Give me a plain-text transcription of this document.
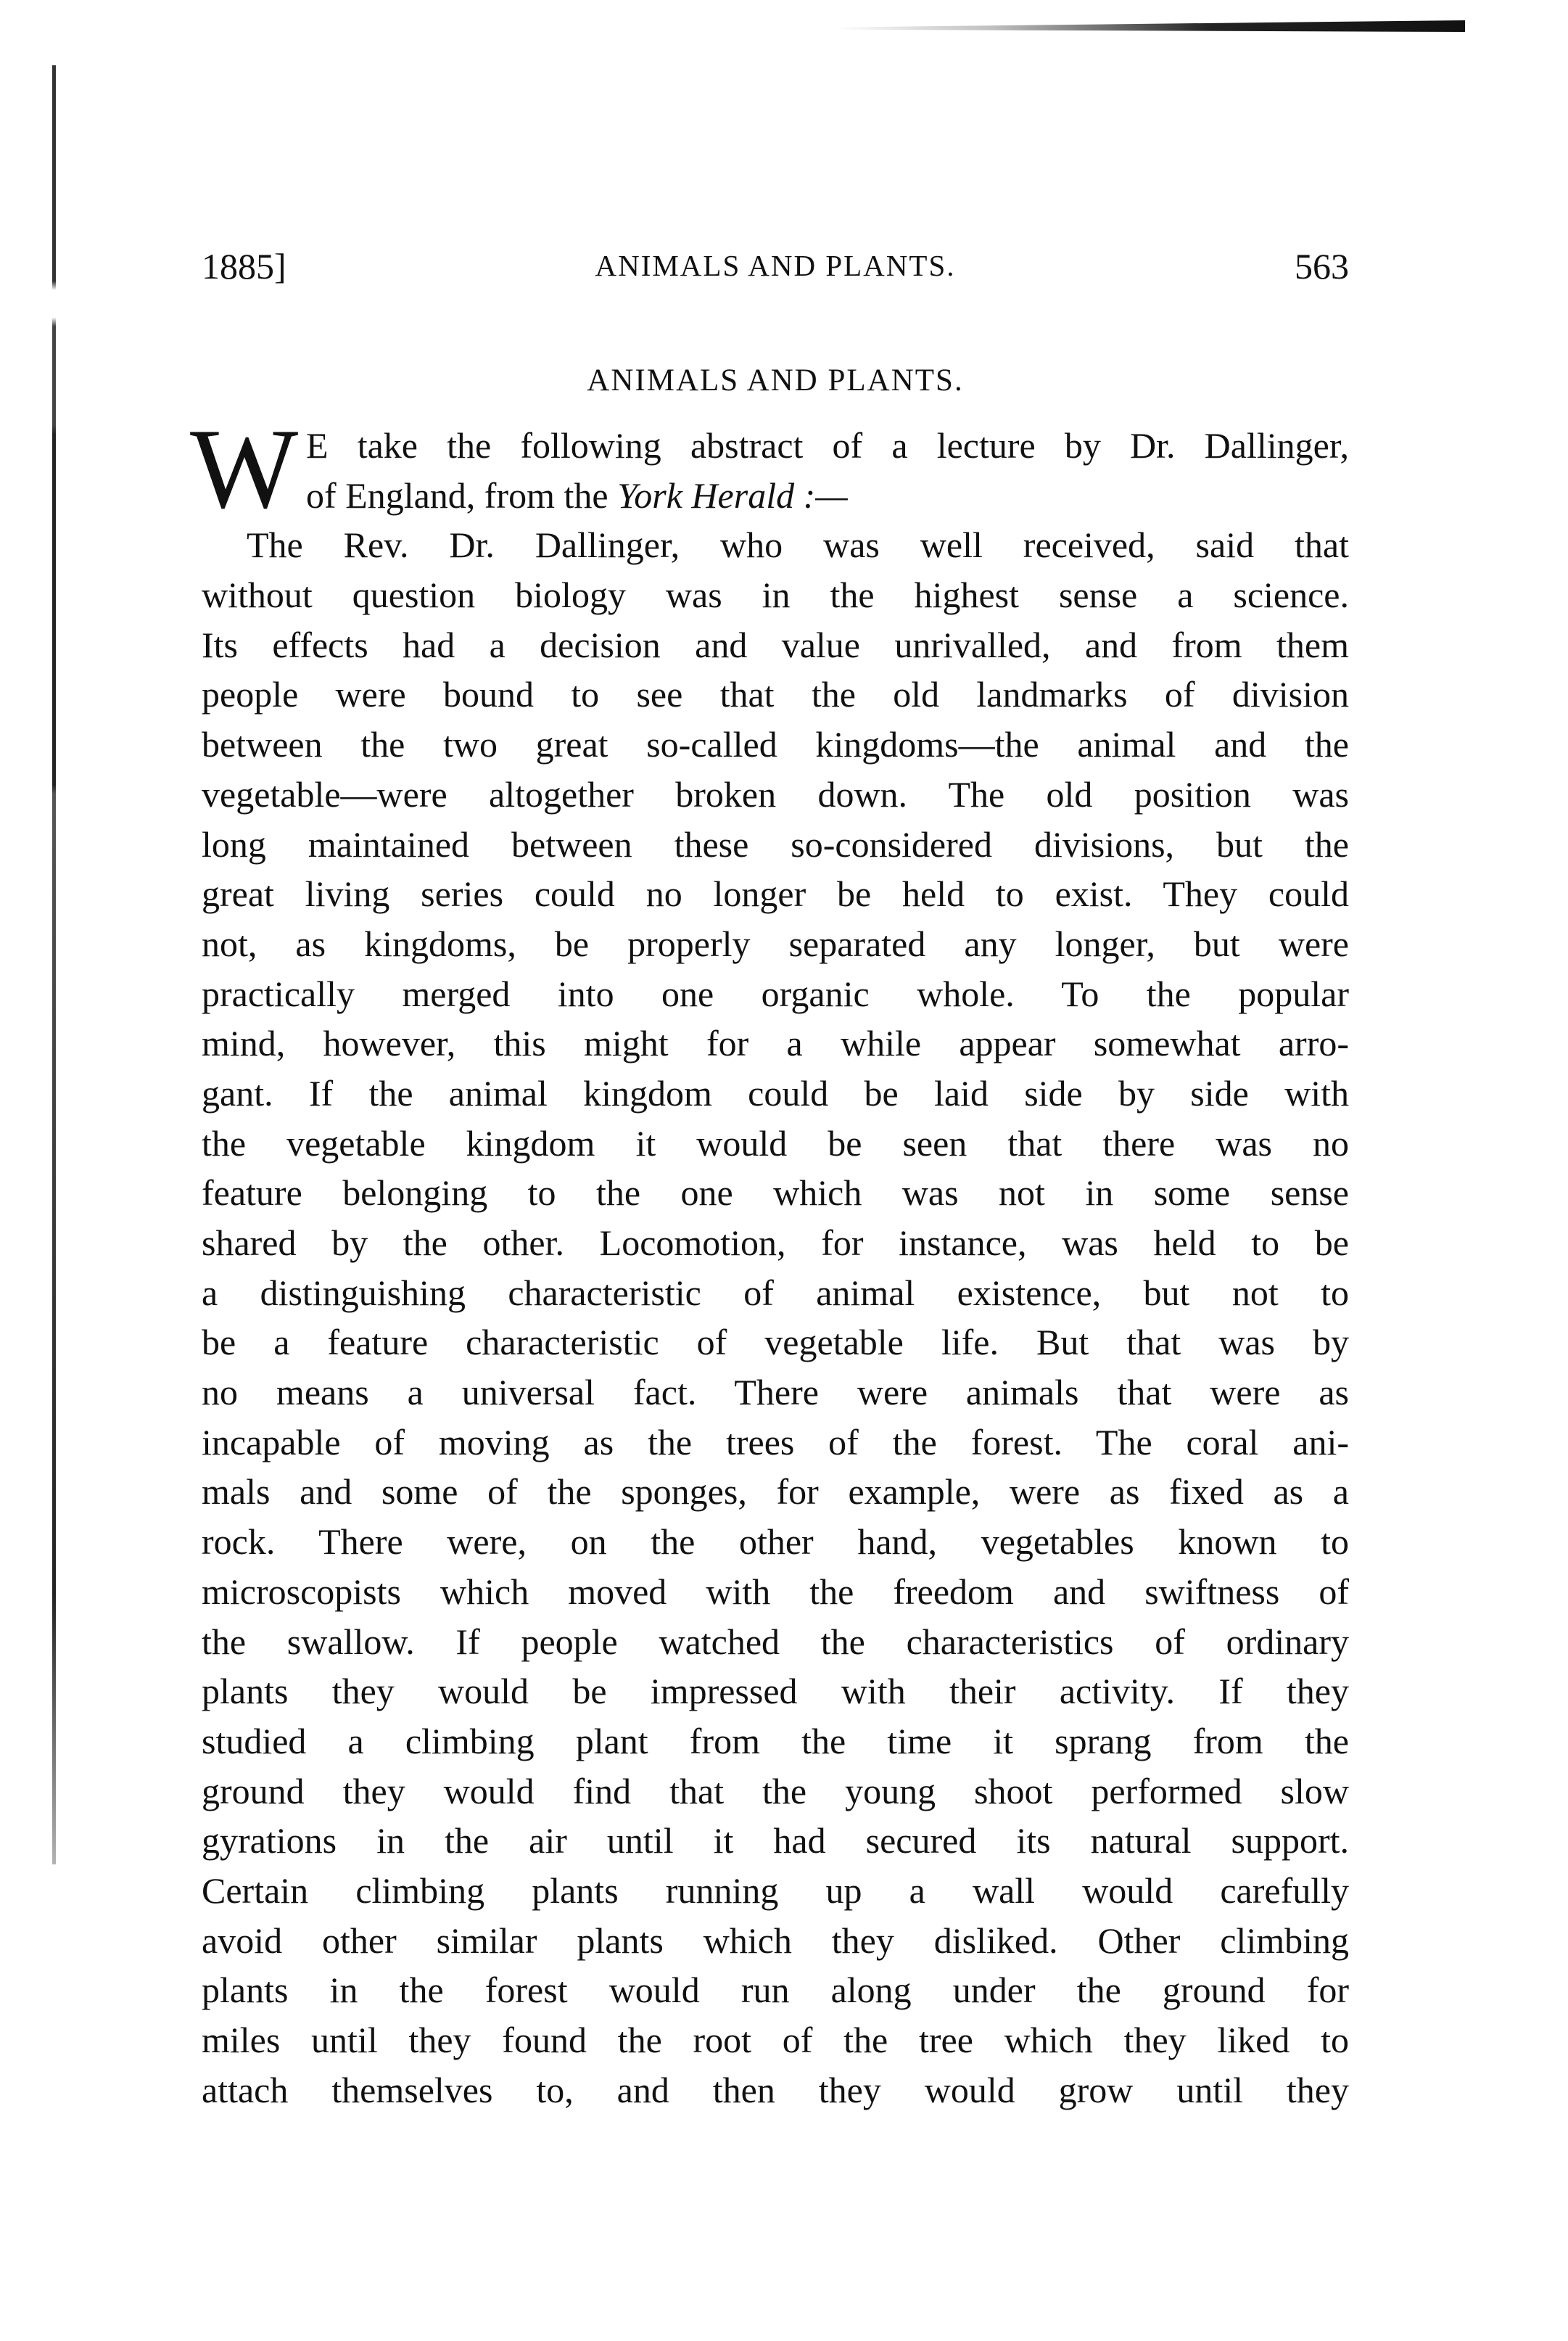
1885]	ANIMALS AND PLANTS.	563
ANIMALS AND PLANTS.
W E take the following abstract of a lecture by Dr. Dallinger,
of England, from the York Herald :—
The Rev. Dr. Dallinger, who was well received, said that
without question biology was in the highest sense a science.
Its effects had a decision and value unrivalled, and from them
people were bound to see that the old landmarks of division
between the two great so-called kingdoms—the animal and the
vegetable—were altogether broken down. The old position was
long maintained between these so-considered divisions, but the
great living series could no longer be held to exist. They could
not, as kingdoms, be properly separated any longer, but were
practically merged into one organic whole. To the popular
mind, however, this might for a while appear somewhat arro-
gant. If the animal kingdom could be laid side by side with
the vegetable kingdom it would be seen that there was no
feature belonging to the one which was not in some sense
shared by the other. Locomotion, for instance, was held to be
a distinguishing characteristic of animal existence, but not to
be a feature characteristic of vegetable life. But that was by
no means a universal fact. There were animals that were as
incapable of moving as the trees of the forest. The coral ani-
mals and some of the sponges, for example, were as fixed as a
rock. There were, on the other hand, vegetables known to
microscopists which moved with the freedom and swiftness of
the swallow. If people watched the characteristics of ordinary
plants they would be impressed with their activity. If they
studied a climbing plant from the time it sprang from the
ground they would find that the young shoot performed slow
gyrations in the air until it had secured its natural support.
Certain climbing plants running up a wall would carefully
avoid other similar plants which they disliked. Other climbing
plants in the forest would run along under the ground for
miles until they found the root of the tree which they liked to
attach themselves to, and then they would grow until they
